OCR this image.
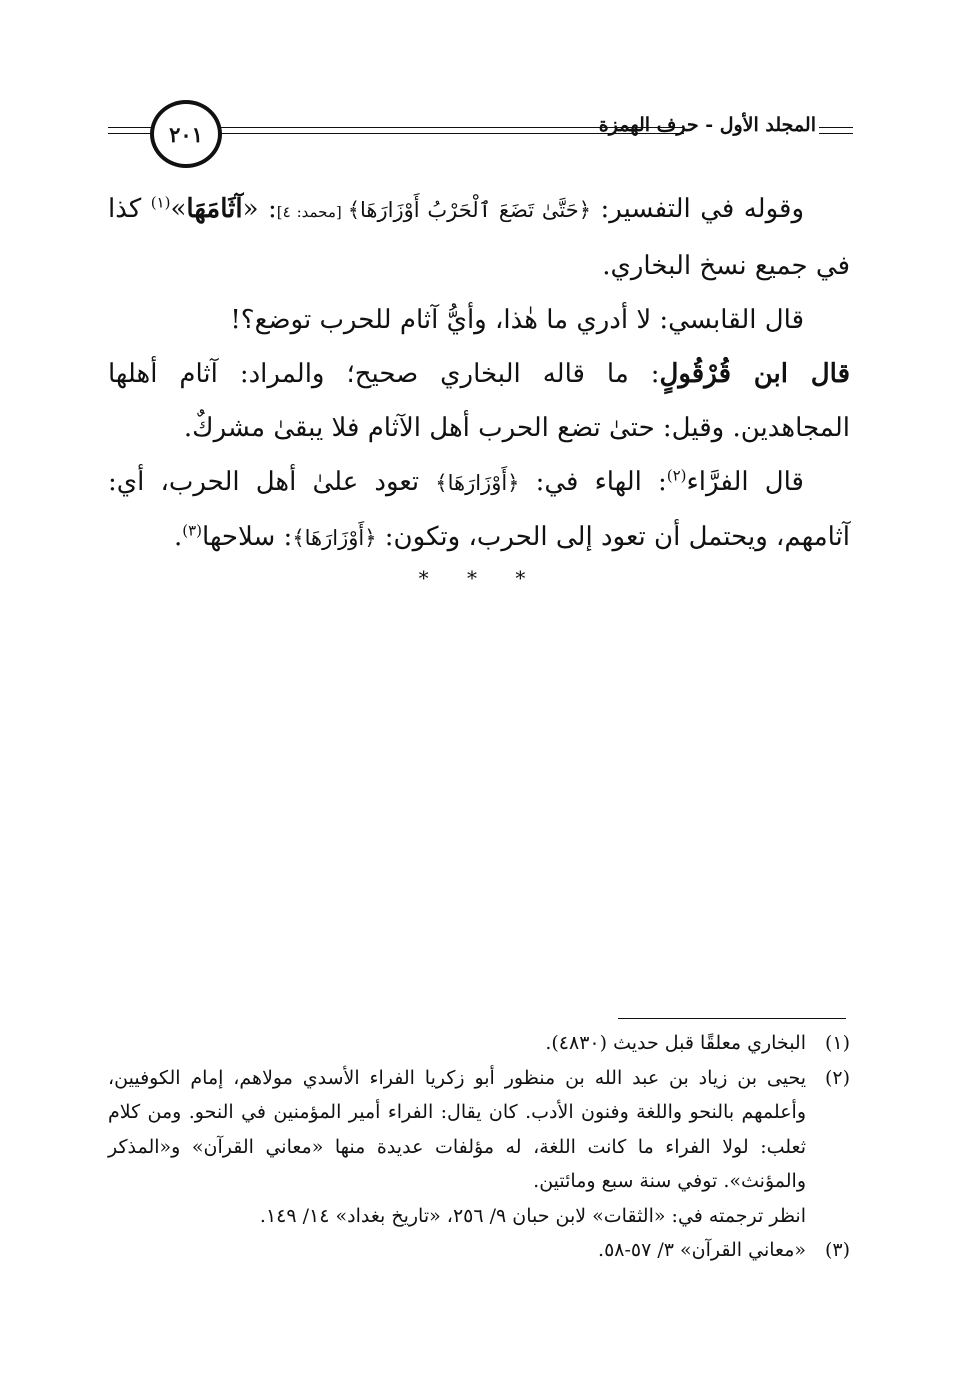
٢٠١	المجلد الأول - حرف الهمزة

وقوله في التفسير: ﴿حَتَّىٰ تَضَعَ ٱلْحَرْبُ أَوْزَارَهَا﴾ [محمد: ٤]: «آثَامَهَا»$^{(١)}$ كذا في جميع نسخ البخاري.

قال القابسي: لا أدري ما هٰذا، وأيُّ آثام للحرب توضع؟!

قال ابن قُرْقُولٍ: ما قاله البخاري صحيح؛ والمراد: آثام أهلها المجاهدين. وقيل: حتىٰ تضع الحرب أهل الآثام فلا يبقىٰ مشركٌ.

قال الفرَّاء$^{(٢)}$: الهاء في: ﴿أَوْزَارَهَا﴾ تعود علىٰ أهل الحرب، أي: آثامهم، ويحتمل أن تعود إلى الحرب، وتكون: ﴿أَوْزَارَهَا﴾: سلاحها$^{(٣)}$.

* * *
(١)
البخاري معلقًا قبل حديث (٤٨٣٠).
(٢)
يحيى بن زياد بن عبد الله بن منظور أبو زكريا الفراء الأسدي مولاهم، إمام الكوفيين، وأعلمهم بالنحو واللغة وفنون الأدب. كان يقال: الفراء أمير المؤمنين في النحو. ومن كلام ثعلب: لولا الفراء ما كانت اللغة، له مؤلفات عديدة منها «معاني القرآن» و«المذكر والمؤنث». توفي سنة سبع ومائتين.
انظر ترجمته في: «الثقات» لابن حبان ٩/ ٢٥٦، «تاريخ بغداد» ١٤/ ١٤٩.
(٣)
«معاني القرآن» ٣/ ٥٧-٥٨.
